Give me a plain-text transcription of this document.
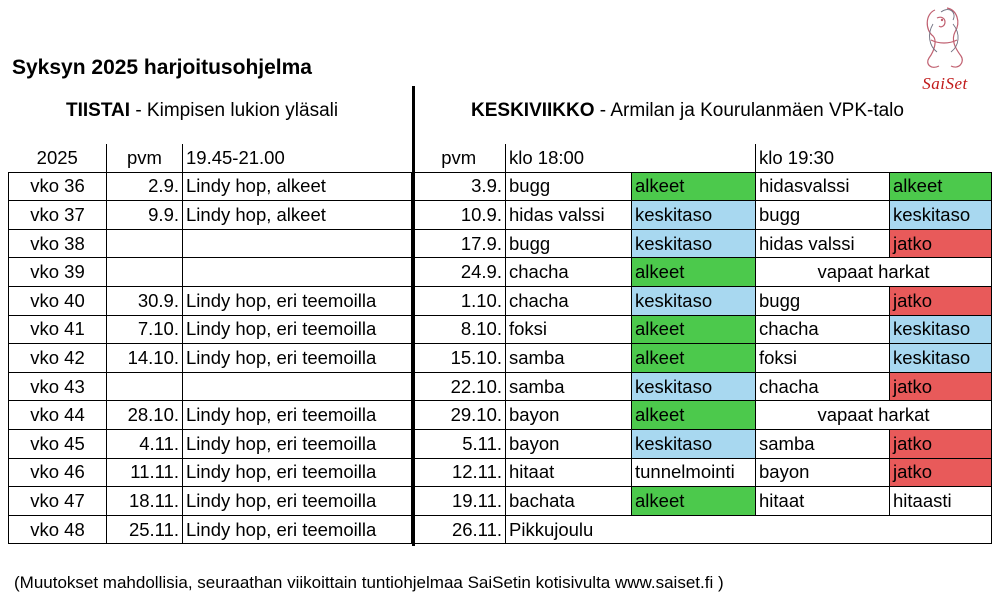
Syksyn 2025 harjoitusohjelma
SaiSet
TIISTAI - Kimpisen lukion yläsali	KESKIVIIKKO - Armilan ja Kourulanmäen VPK-talo
2025	pvm	19.45-21.00	pvm	klo 18:00		klo 19:30	
vko 36	2.9.	Lindy hop, alkeet	3.9.	bugg	alkeet	hidasvalssi	alkeet
vko 37	9.9.	Lindy hop, alkeet	10.9.	hidas valssi	keskitaso	bugg	keskitaso
vko 38			17.9.	bugg	keskitaso	hidas valssi	jatko
vko 39			24.9.	chacha	alkeet	vapaat harkat	
vko 40	30.9.	Lindy hop, eri teemoilla	1.10.	chacha	keskitaso	bugg	jatko
vko 41	7.10.	Lindy hop, eri teemoilla	8.10.	foksi	alkeet	chacha	keskitaso
vko 42	14.10.	Lindy hop, eri teemoilla	15.10.	samba	alkeet	foksi	keskitaso
vko 43			22.10.	samba	keskitaso	chacha	jatko
vko 44	28.10.	Lindy hop, eri teemoilla	29.10.	bayon	alkeet	vapaat harkat	
vko 45	4.11.	Lindy hop, eri teemoilla	5.11.	bayon	keskitaso	samba	jatko
vko 46	11.11.	Lindy hop, eri teemoilla	12.11.	hitaat	tunnelmointi	bayon	jatko
vko 47	18.11.	Lindy hop, eri teemoilla	19.11.	bachata	alkeet	hitaat	hitaasti
vko 48	25.11.	Lindy hop, eri teemoilla	26.11.	Pikkujoulu			
(Muutokset mahdollisia, seuraathan viikoittain tuntiohjelmaa SaiSetin kotisivulta www.saiset.fi )
